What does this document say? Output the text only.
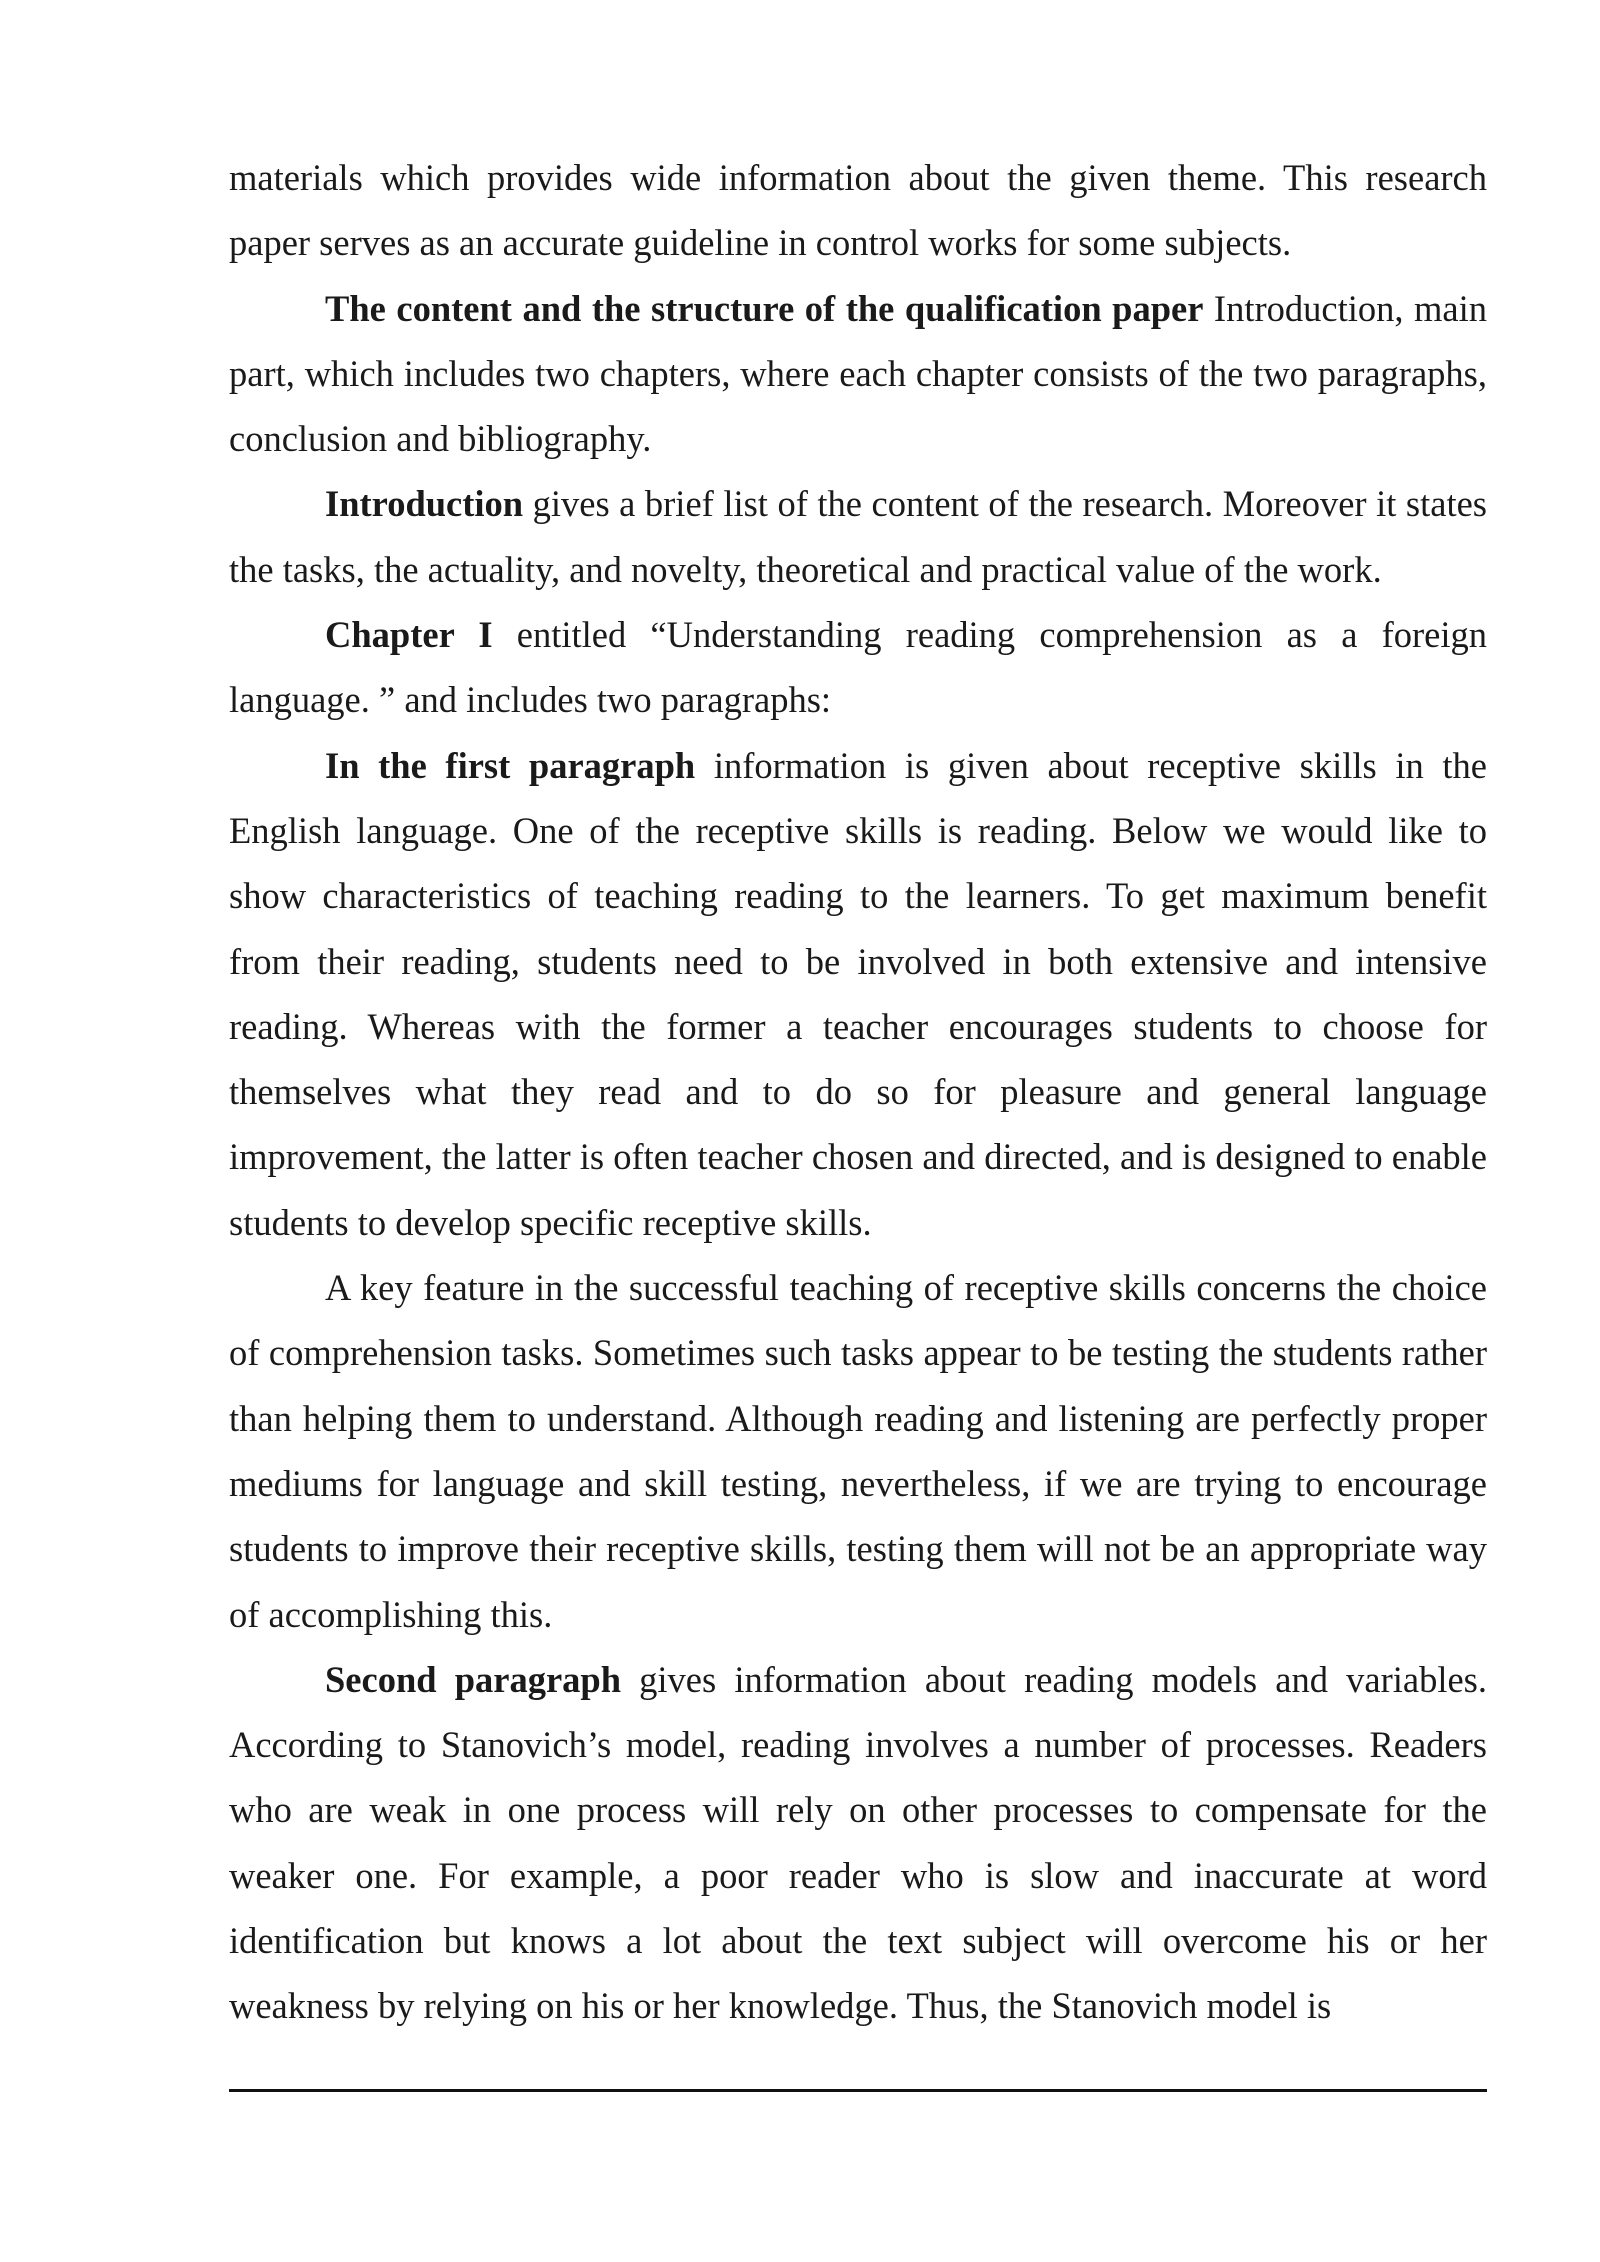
materials which provides wide information about the given theme. This research paper serves as an accurate guideline in control works for some subjects.

The content and the structure of the qualification paper Introduction, main part, which includes two chapters, where each chapter consists of the two paragraphs, conclusion and bibliography.

Introduction gives a brief list of the content of the research. Moreover it states the tasks, the actuality, and novelty, theoretical and practical value of the work.

Chapter I entitled “Understanding reading comprehension as a foreign language. ” and includes two paragraphs:

In the first paragraph information is given about receptive skills in the English language. One of the receptive skills is reading. Below we would like to show characteristics of teaching reading to the learners. To get maximum benefit from their reading, students need to be involved in both extensive and intensive reading. Whereas with the former a teacher encourages students to choose for themselves what they read and to do so for pleasure and general language improvement, the latter is often teacher chosen and directed, and is designed to enable students to develop specific receptive skills.

A key feature in the successful teaching of receptive skills concerns the choice of comprehension tasks. Sometimes such tasks appear to be testing the students rather than helping them to understand. Although reading and listening are perfectly proper mediums for language and skill testing, nevertheless, if we are trying to encourage students to improve their receptive skills, testing them will not be an appropriate way of accomplishing this.

Second paragraph gives information about reading models and variables. According to Stanovich’s model, reading involves a number of processes. Readers who are weak in one process will rely on other processes to compensate for the weaker one. For example, a poor reader who is slow and inaccurate at word identification but knows a lot about the text subject will overcome his or her weakness by relying on his or her knowledge. Thus, the Stanovich model is
